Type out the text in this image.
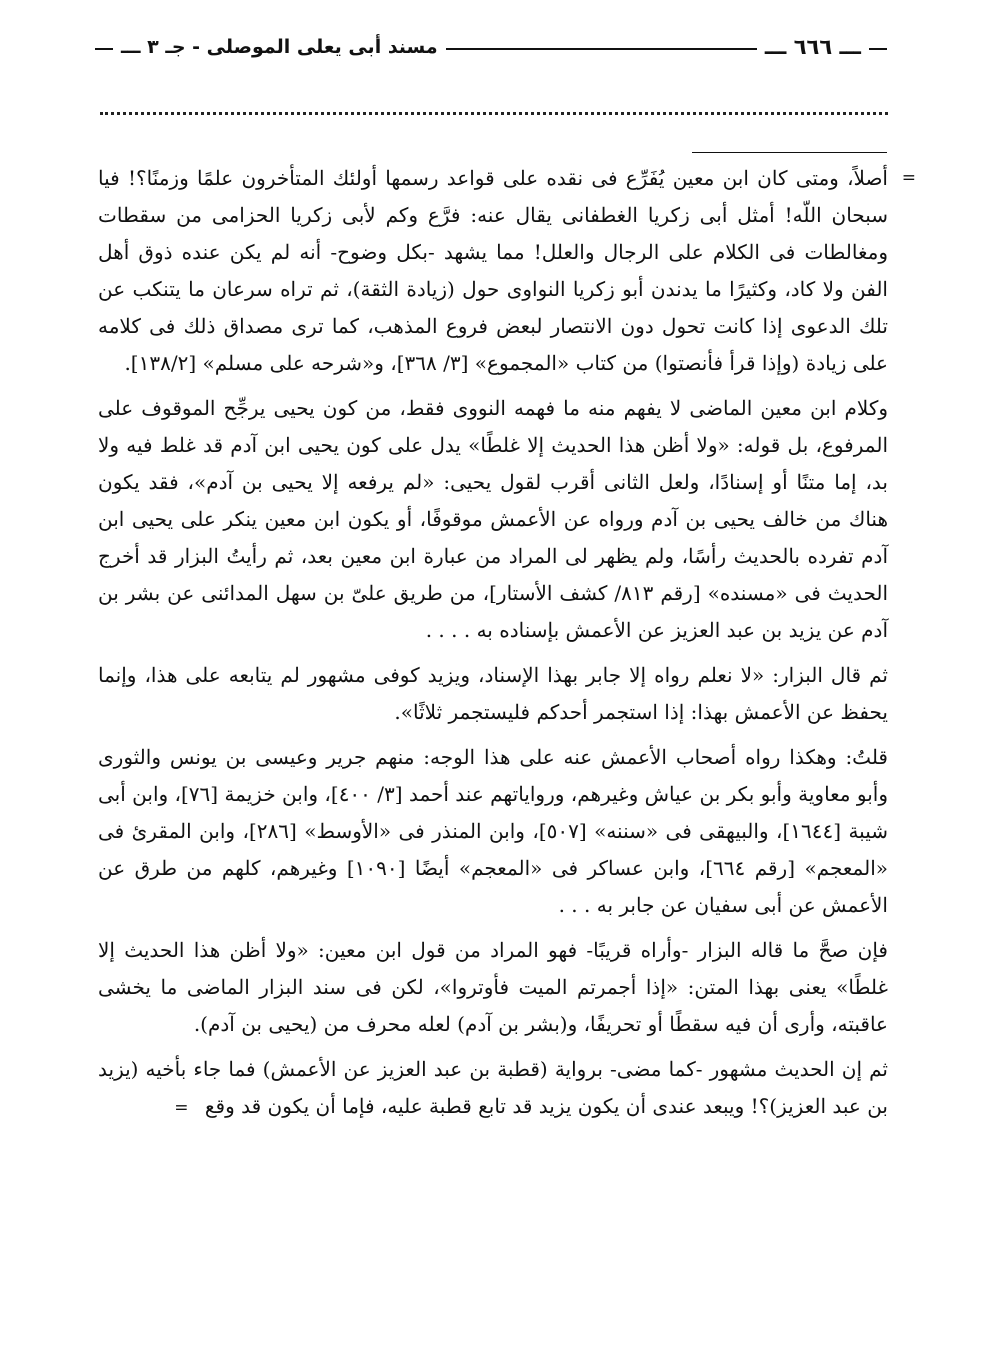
ـــ ٦٦٦ ـــ
مسند أبى يعلى الموصلى - جـ ٣ ـــ

=
أصلاً، ومتى كان ابن معين يُفَرِّع فى نقده على قواعد رسمها أولئك المتأخرون علمًا وزمنًا؟! فيا سبحان اللّه! أمثل أبى زكريا الغطفانى يقال عنه: فرَّع وكم لأبى زكريا الحزامى من سقطات ومغالطات فى الكلام على الرجال والعلل! مما يشهد -بكل وضوح- أنه لم يكن عنده ذوق أهل الفن ولا كاد، وكثيرًا ما يدندن أبو زكريا النواوى حول (زيادة الثقة)، ثم تراه سرعان ما يتنكب عن تلك الدعوى إذا كانت تحول دون الانتصار لبعض فروع المذهب، كما ترى مصداق ذلك فى كلامه على زيادة (وإذا قرأ فأنصتوا) من كتاب «المجموع» [٣/ ٣٦٨]، و«شرحه على مسلم» [١٣٨/٢].

وكلام ابن معين الماضى لا يفهم منه ما فهمه النووى فقط، من كون يحيى يرجِّح الموقوف على المرفوع، بل قوله: «ولا أظن هذا الحديث إلا غلطًا» يدل على كون يحيى ابن آدم قد غلط فيه ولا بد، إما متنًا أو إسنادًا، ولعل الثانى أقرب لقول يحيى: «لم يرفعه إلا يحيى بن آدم»، فقد يكون هناك من خالف يحيى بن آدم ورواه عن الأعمش موقوفًا، أو يكون ابن معين ينكر على يحيى ابن آدم تفرده بالحديث رأسًا، ولم يظهر لى المراد من عبارة ابن معين بعد، ثم رأيتُ البزار قد أخرج الحديث فى «مسنده» [رقم ٨١٣/ كشف الأستار]، من طريق علىّ بن سهل المدائنى عن بشر بن آدم عن يزيد بن عبد العزيز عن الأعمش بإسناده به . . . .

ثم قال البزار: «لا نعلم رواه إلا جابر بهذا الإسناد، ويزيد كوفى مشهور لم يتابعه على هذا، وإنما يحفظ عن الأعمش بهذا: إذا استجمر أحدكم فليستجمر ثلاثًا».

قلتُ: وهكذا رواه أصحاب الأعمش عنه على هذا الوجه: منهم جرير وعيسى بن يونس والثورى وأبو معاوية وأبو بكر بن عياش وغيرهم، ورواياتهم عند أحمد [٣/ ٤٠٠]، وابن خزيمة [٧٦]، وابن أبى شيبة [١٦٤٤]، والبيهقى فى «سننه» [٥٠٧]، وابن المنذر فى «الأوسط» [٢٨٦]، وابن المقرئ فى «المعجم» [رقم ٦٦٤]، وابن عساكر فى «المعجم» أيضًا [١٠٩٠] وغيرهم، كلهم من طرق عن الأعمش عن أبى سفيان عن جابر به . . .

فإن صحَّ ما قاله البزار -وأراه قريبًا- فهو المراد من قول ابن معين: «ولا أظن هذا الحديث إلا غلطًا» يعنى بهذا المتن: «إذا أجمرتم الميت فأوتروا»، لكن فى سند البزار الماضى ما يخشى عاقبته، وأرى أن فيه سقطًا أو تحريفًا، و(بشر بن آدم) لعله محرف من (يحيى بن آدم).

ثم إن الحديث مشهور -كما مضى- برواية (قطبة بن عبد العزيز عن الأعمش) فما جاء بأخيه (يزيد بن عبد العزيز)؟! ويبعد عندى أن يكون يزيد قد تابع قطبة عليه، فإما أن يكون قد وقع =
